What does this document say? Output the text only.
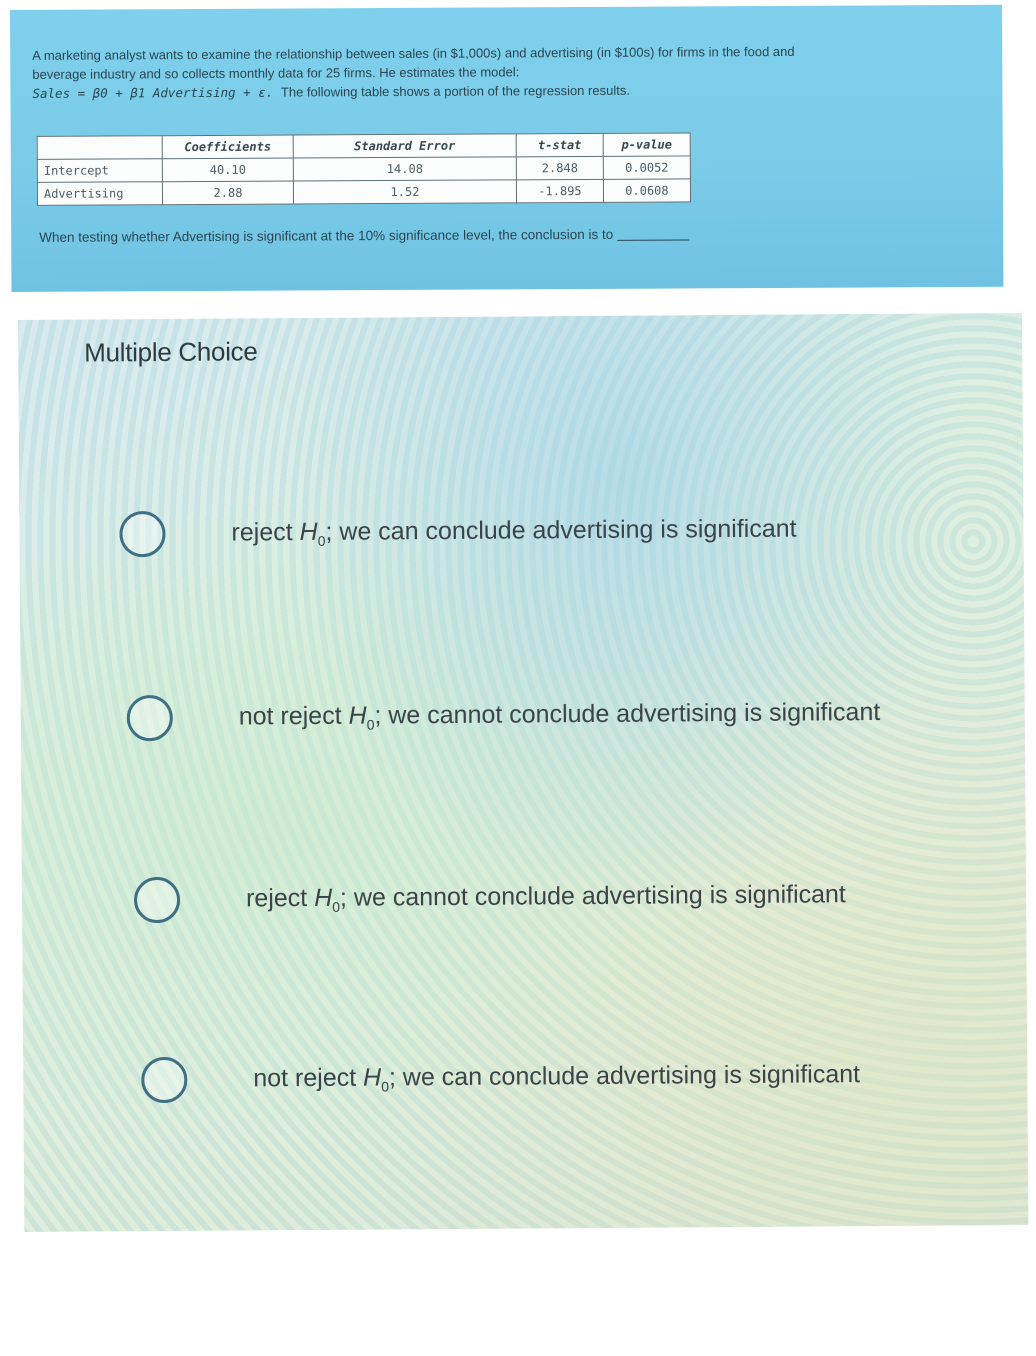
A marketing analyst wants to examine the relationship between sales (in $1,000s) and advertising (in $100s) for firms in the food and
beverage industry and so collects monthly data for 25 firms. He estimates the model:
Sales = β0 + β1 Advertising + ε. The following table shows a portion of the regression results.
	Coefficients	Standard Error	t-stat	p-value
Intercept	40.10	14.08	2.848	0.0052
Advertising	2.88	1.52	-1.895	0.0608
When testing whether Advertising is significant at the 10% significance level, the conclusion is to
Multiple Choice
reject $H_0$; we can conclude advertising is significant
not reject $H_0$; we cannot conclude advertising is significant
reject $H_0$; we cannot conclude advertising is significant
not reject $H_0$; we can conclude advertising is significant
